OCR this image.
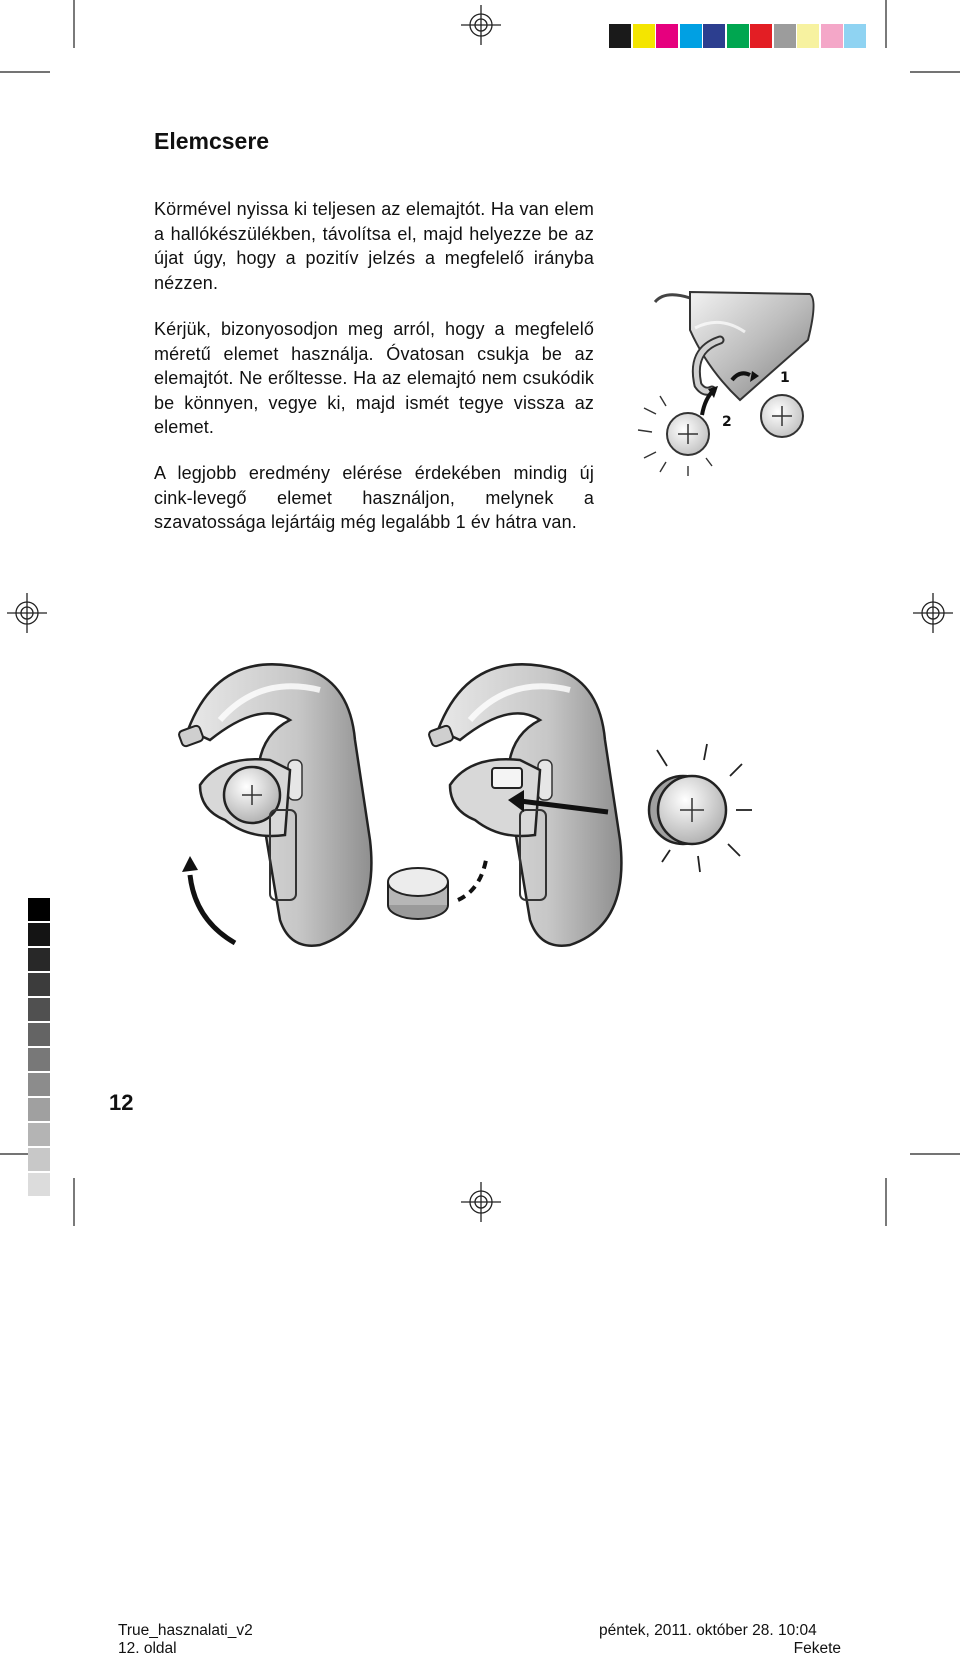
Elemcsere

Körmével nyissa ki teljesen az elemajtót. Ha van elem a hallókészülékben, távolítsa el, majd helyezze be az újat úgy, hogy a pozitív jelzés a megfelelő irányba nézzen.

Kérjük, bizonyosodjon meg arról, hogy a megfelelő méretű elemet használja. Óvatosan csukja be az elemajtót. Ne erőltesse. Ha az elemajtó nem csukódik be könnyen, vegye ki, majd ismét tegye vissza az elemet.

A legjobb eredmény elérése érdekében mindig új cink-levegő elemet használjon, melynek a szavatossága lejártáig még legalább 1 év hátra van.

1
2
12
True_hasznalati_v2
12. oldal
péntek, 2011. október 28. 10:04
Fekete
